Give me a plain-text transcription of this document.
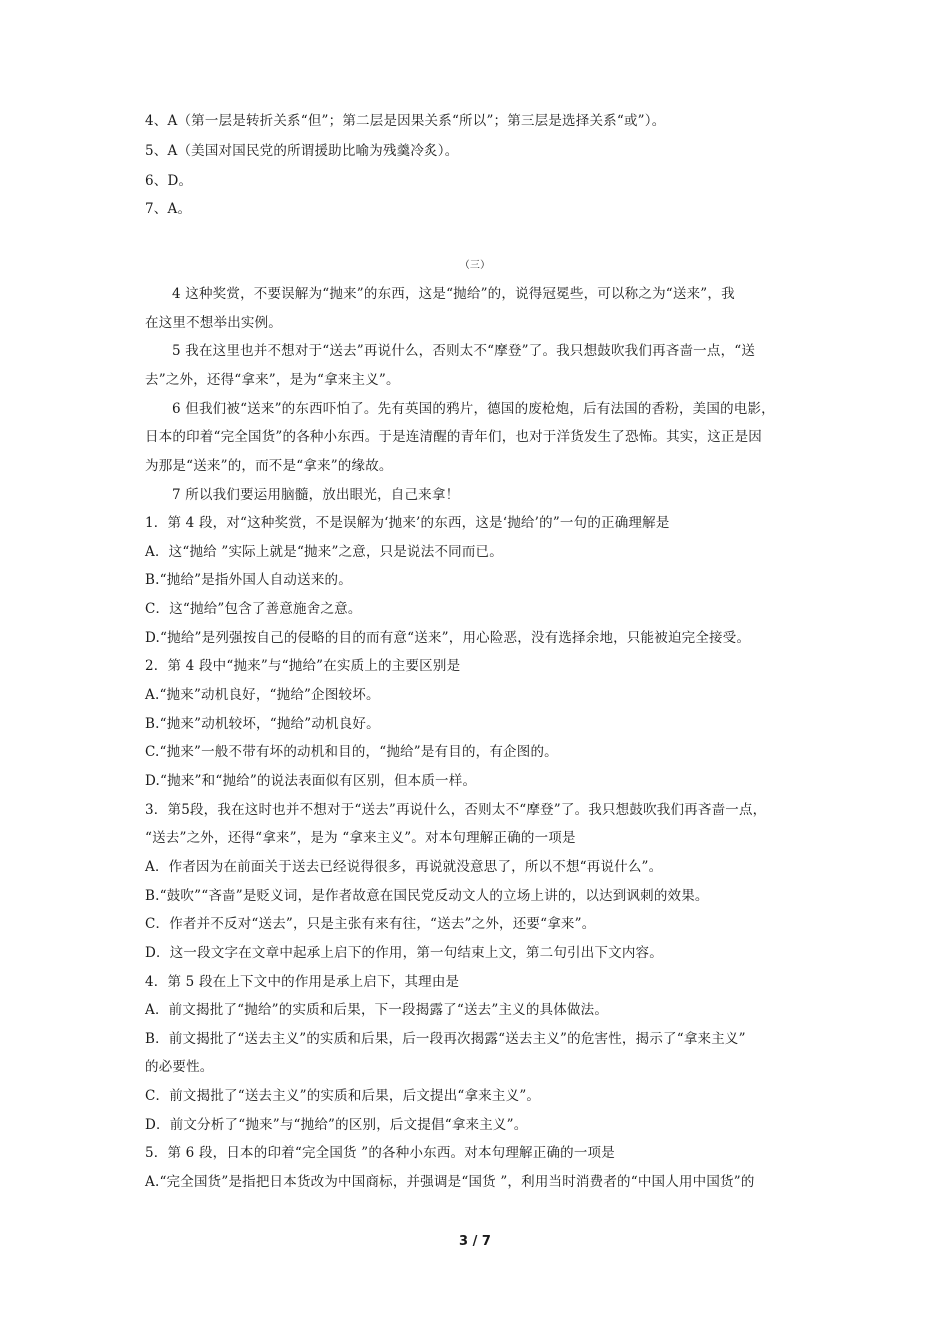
4、A（第一层是转折关系“但”；第二层是因果关系“所以”；第三层是选择关系“或”）。
5、A（美国对国民党的所谓援助比喻为残羹冷炙）。
6、D。
7、A。
（三）
4 这种奖赏，不要误解为“抛来”的东西，这是“抛给”的，说得冠冕些，可以称之为“送来”，我
在这里不想举出实例。
5 我在这里也并不想对于“送去”再说什么，否则太不“摩登”了。我只想鼓吹我们再吝啬一点，“送
去”之外，还得“拿来”，是为“拿来主义”。
6 但我们被“送来”的东西吓怕了。先有英国的鸦片，德国的废枪炮，后有法国的香粉，美国的电影，
日本的印着“完全国货”的各种小东西。于是连清醒的青年们，也对于洋货发生了恐怖。其实，这正是因
为那是“送来”的，而不是“拿来”的缘故。
7 所以我们要运用脑髓，放出眼光，自己来拿！
1．第 4 段，对“这种奖赏，不是误解为‘抛来’的东西，这是‘抛给’的”一句的正确理解是
A．这“抛给 ”实际上就是“抛来”之意，只是说法不同而已。
B.“抛给”是指外国人自动送来的。
C．这“抛给”包含了善意施舍之意。
D.“抛给”是列强按自己的侵略的目的而有意“送来”，用心险恶，没有选择余地，只能被迫完全接受。
2．第 4 段中“抛来”与“抛给”在实质上的主要区别是
A.“抛来”动机良好，“抛给”企图较坏。
B.“抛来”动机较坏，“抛给”动机良好。
C.“抛来”一般不带有坏的动机和目的，“抛给”是有目的，有企图的。
D.“抛来”和“抛给”的说法表面似有区别，但本质一样。
3．第5段，我在这时也并不想对于“送去”再说什么，否则太不“摩登”了。我只想鼓吹我们再吝啬一点，
“送去”之外，还得“拿来”，是为 “拿来主义”。对本句理解正确的一项是
A．作者因为在前面关于送去已经说得很多，再说就没意思了，所以不想“再说什么”。
B.“鼓吹”“吝啬”是贬义词，是作者故意在国民党反动文人的立场上讲的，以达到讽刺的效果。
C．作者并不反对“送去”，只是主张有来有往，“送去”之外，还要“拿来”。
D．这一段文字在文章中起承上启下的作用，第一句结束上文，第二句引出下文内容。
4．第 5 段在上下文中的作用是承上启下，其理由是
A．前文揭批了“抛给”的实质和后果，下一段揭露了“送去”主义的具体做法。
B．前文揭批了“送去主义”的实质和后果，后一段再次揭露“送去主义”的危害性，揭示了“拿来主义”
的必要性。
C．前文揭批了“送去主义”的实质和后果，后文提出“拿来主义”。
D．前文分析了“抛来”与“抛给”的区别，后文提倡“拿来主义”。
5．第 6 段，日本的印着“完全国货 ”的各种小东西。对本句理解正确的一项是
A.“完全国货”是指把日本货改为中国商标，并强调是“国货 ”，利用当时消费者的“中国人用中国货”的
3 / 7
